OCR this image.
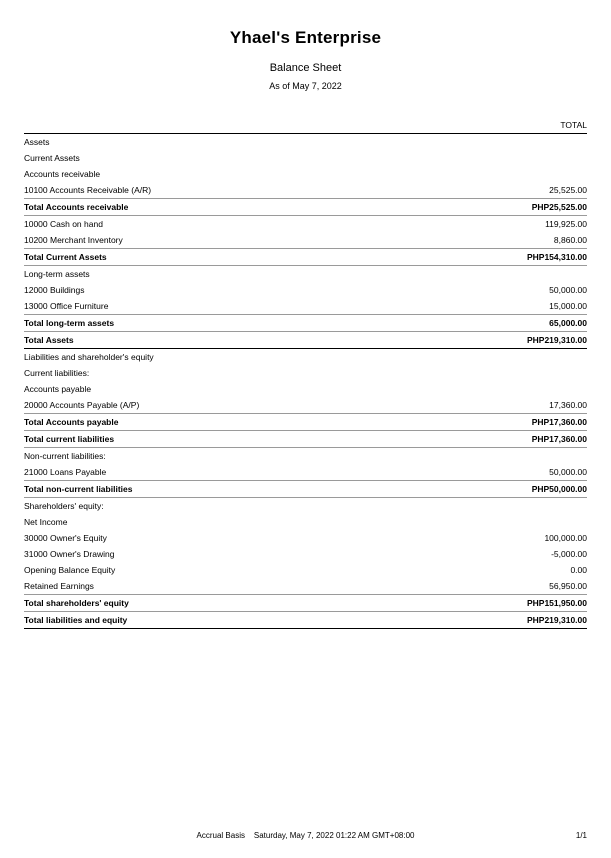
Yhael's Enterprise
Balance Sheet
As of May 7, 2022
	TOTAL
Assets	
Current Assets	
Accounts receivable	
10100 Accounts Receivable (A/R)	25,525.00
Total Accounts receivable	PHP25,525.00
10000 Cash on hand	119,925.00
10200 Merchant Inventory	8,860.00
Total Current Assets	PHP154,310.00
Long-term assets	
12000 Buildings	50,000.00
13000 Office Furniture	15,000.00
Total long-term assets	65,000.00
Total Assets	PHP219,310.00
Liabilities and shareholder's equity	
Current liabilities:	
Accounts payable	
20000 Accounts Payable (A/P)	17,360.00
Total Accounts payable	PHP17,360.00
Total current liabilities	PHP17,360.00
Non-current liabilities:	
21000 Loans Payable	50,000.00
Total non-current liabilities	PHP50,000.00
Shareholders' equity:	
Net Income	
30000 Owner's Equity	100,000.00
31000 Owner's Drawing	-5,000.00
Opening Balance Equity	0.00
Retained Earnings	56,950.00
Total shareholders' equity	PHP151,950.00
Total liabilities and equity	PHP219,310.00
Accrual Basis Saturday, May 7, 2022 01:22 AM GMT+08:00	1/1
